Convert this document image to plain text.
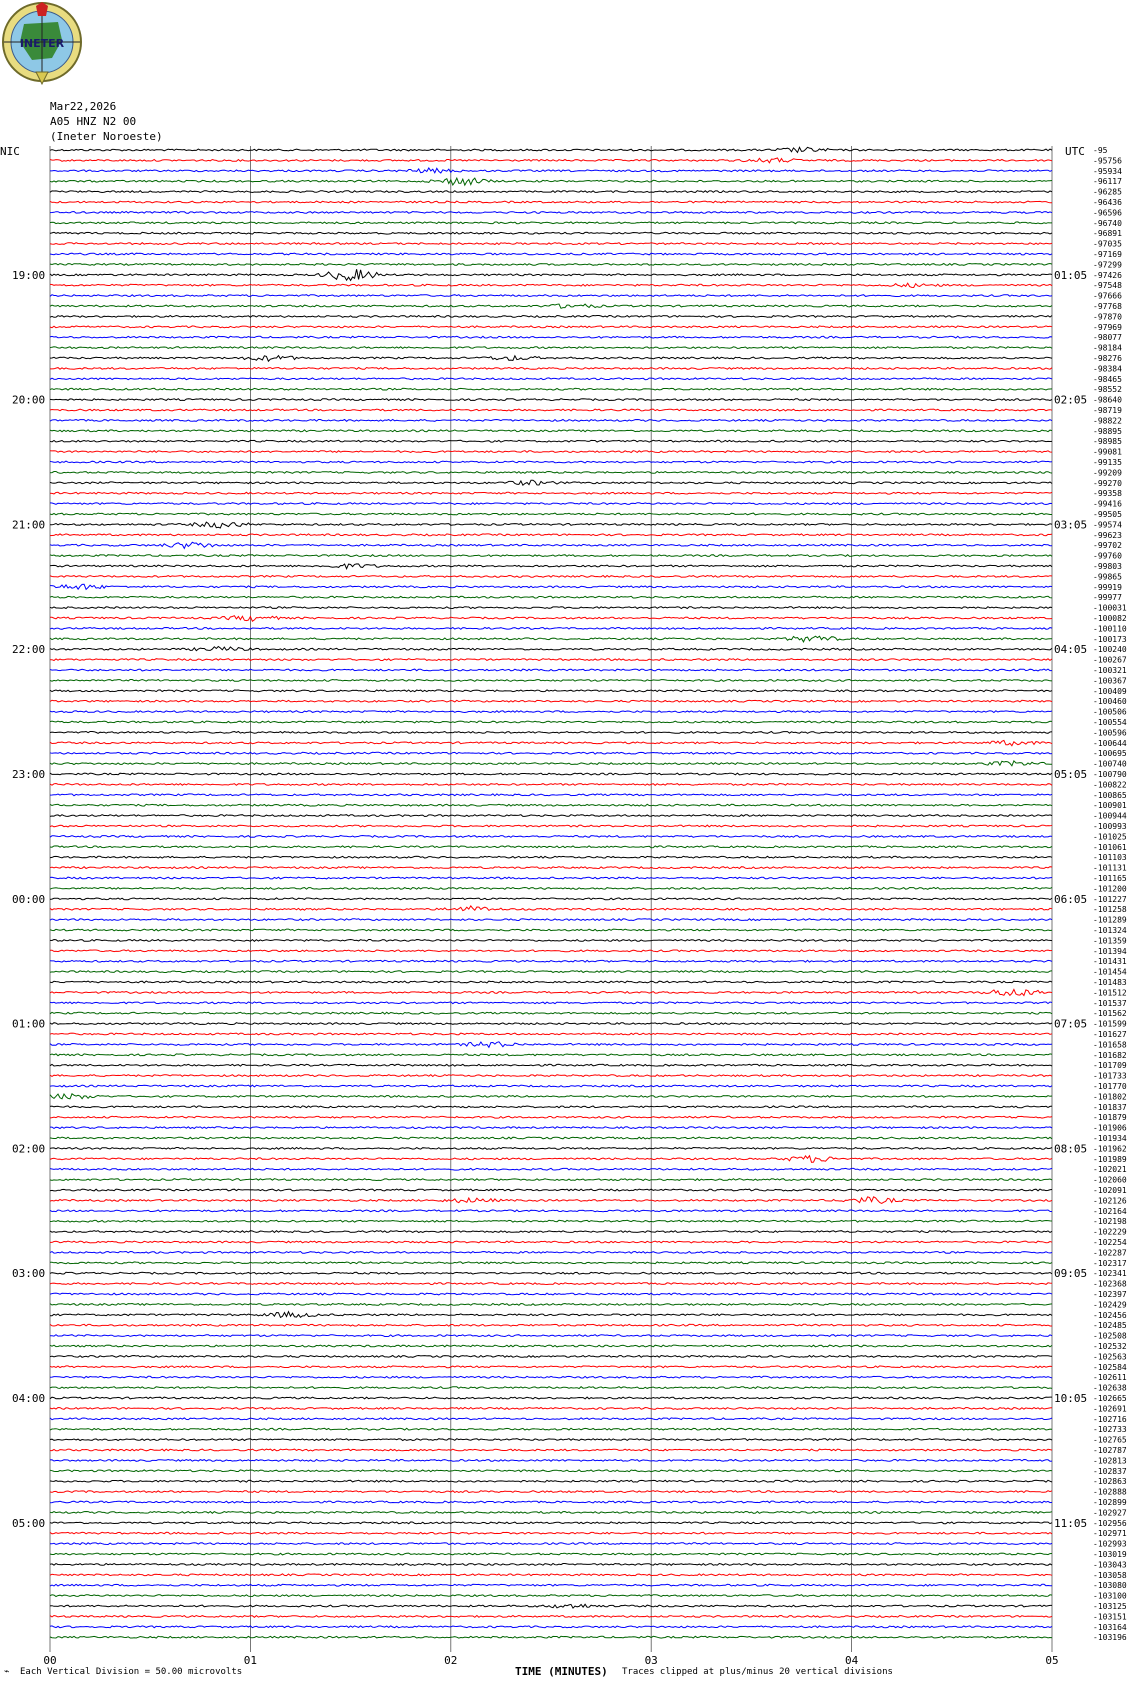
INETER
Mar22,2026
A05 HNZ N2 00
(Ineter Noroeste)
00	01	02	03	04	05
-95
-95756
-95934
-96117
-96285
-96436
-96596
-96740
-96891
-97035
-97169
-97299
-97426
-97548
-97666
-97768
-97870
-97969
-98077
-98184
-98276
-98384
-98465
-98552
-98640
-98719
-98822
-98895
-98985
-99081
-99135
-99209
-99270
-99358
-99416
-99505
-99574
-99623
-99702
-99760
-99803
-99865
-99919
-99977
-100031
-100082
-100110
-100173
-100240
-100267
-100321
-100367
-100409
-100460
-100506
-100554
-100596
-100644
-100695
-100740
-100790
-100822
-100865
-100901
-100944
-100993
-101025
-101061
-101103
-101131
-101165
-101200
-101227
-101258
-101289
-101324
-101359
-101394
-101431
-101454
-101483
-101512
-101537
-101562
-101599
-101627
-101658
-101682
-101709
-101733
-101770
-101802
-101837
-101879
-101906
-101934
-101962
-101989
-102021
-102060
-102091
-102126
-102164
-102198
-102229
-102254
-102287
-102317
-102341
-102368
-102397
-102429
-102456
-102485
-102508
-102532
-102563
-102584
-102611
-102638
-102665
-102691
-102716
-102733
-102765
-102787
-102813
-102837
-102863
-102888
-102899
-102927
-102956
-102971
-102993
-103019
-103043
-103058
-103080
-103100
-103125
-103151
-103164
-103196
NIC	UTC
19:00	01:05
20:00	02:05
21:00	03:05
22:00	04:05
23:00	05:05
00:00	06:05
01:00	07:05
02:00	08:05
03:00	09:05
04:00	10:05
05:00	11:05
⌁ Each Vertical Division = 50.00 microvolts	TIME (MINUTES) Traces clipped at plus/minus 20 vertical divisions
